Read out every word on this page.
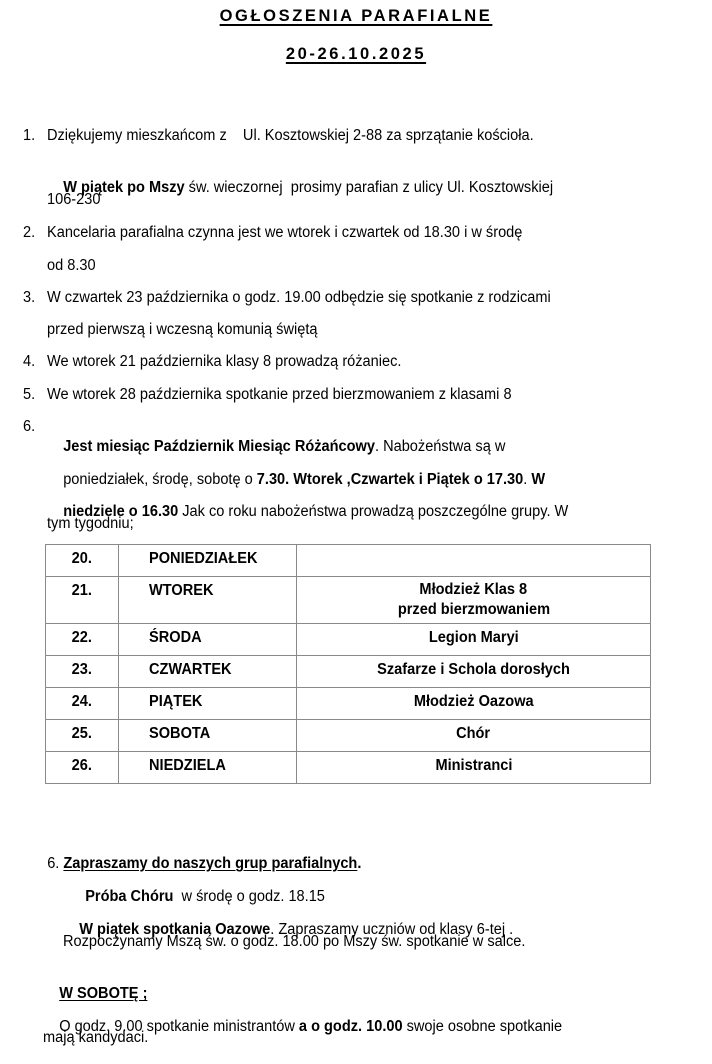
OGŁOSZENIA PARAFIALNE
20-26.10.2025
1. Dziękujemy mieszkańcom z    Ul. Kosztowskiej 2-88 za sprzątanie kościoła.

W piątek po Mszy św. wieczornej  prosimy parafian z ulicy Ul. Kosztowskiej

106-230
2. Kancelaria parafialna czynna jest we wtorek i czwartek od 18.30 i w środę
od 8.30
3. W czwartek 23 października o godz. 19.00 odbędzie się spotkanie z rodzicami
przed pierwszą i wczesną komunią świętą
4. We wtorek 21 października klasy 8 prowadzą różaniec.
5. We wtorek 28 października spotkanie przed bierzmowaniem z klasami 8
6.

Jest miesiąc Październik Miesiąc Różańcowy. Nabożeństwa są w

poniedziałek, środę, sobotę o 7.30. Wtorek ,Czwartek i Piątek o 17.30. W

niedziele o 16.30 Jak co roku nabożeństwa prowadzą poszczególne grupy. W

tym tygodniu;
20.	PONIEDZIAŁEK	
21.	WTOREK	Młodzież Klas 8
przed bierzmowaniem
22.	ŚRODA	Legion Maryi
23.	CZWARTEK	Szafarze i Schola dorosłych
24.	PIĄTEK	Młodzież Oazowa
25.	SOBOTA	Chór
26.	NIEDZIELA	Ministranci

6. Zapraszamy do naszych grup parafialnych.

Próba Chóru  w środę o godz. 18.15

W piątek spotkania Oazowe. Zapraszamy uczniów od klasy 6-tej .

Rozpoczynamy Mszą św. o godz. 18.00 po Mszy św. spotkanie w salce.

W SOBOTĘ ;

O godz. 9.00 spotkanie ministrantów a o godz. 10.00 swoje osobne spotkanie

mają kandydaci.
